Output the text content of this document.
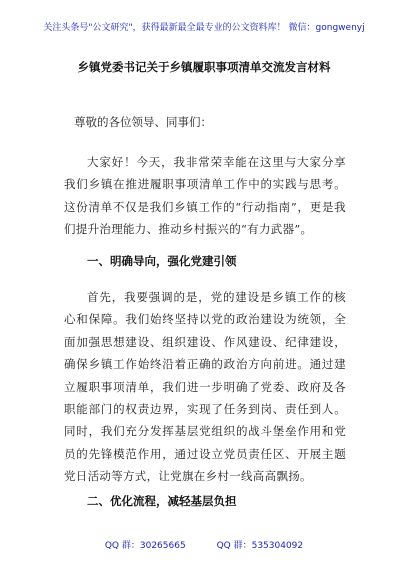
关注头条号"公文研究"，获得最新最全最专业的公文资料库！ 微信：gongwenyj
乡镇党委书记关于乡镇履职事项清单交流发言材料
尊敬的各位领导、同事们：

大家好！今天，我非常荣幸能在这里与大家分享我们乡镇在推进履职事项清单工作中的实践与思考。这份清单不仅是我们乡镇工作的“行动指南”，更是我们提升治理能力、推动乡村振兴的“有力武器”。

一、明确导向，强化党建引领

首先，我要强调的是，党的建设是乡镇工作的核心和保障。我们始终坚持以党的政治建设为统领，全面加强思想建设、组织建设、作风建设、纪律建设，确保乡镇工作始终沿着正确的政治方向前进。通过建立履职事项清单，我们进一步明确了党委、政府及各职能部门的权责边界，实现了任务到岗、责任到人。同时，我们充分发挥基层党组织的战斗堡垒作用和党员的先锋模范作用，通过设立党员责任区、开展主题党日活动等方式，让党旗在乡村一线高高飘扬。

二、优化流程，减轻基层负担
QQ 群：30265665	QQ 群：535304092
